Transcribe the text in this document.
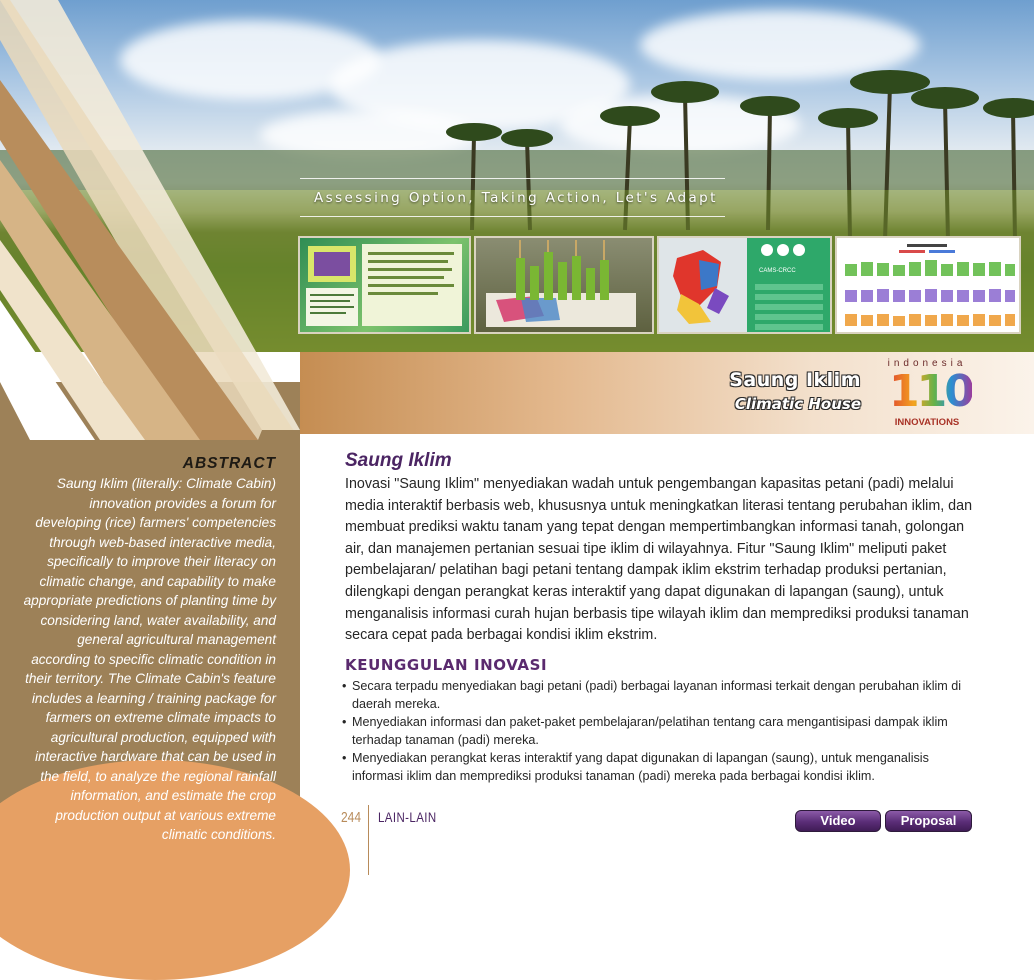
Assessing Option, Taking Action, Let's Adapt
CAMS-CRCC
Saung Iklim
Climatic House
indonesia
110
INNOVATIONS
ABSTRACT

Saung Iklim (literally: Climate Cabin) innovation provides a forum for developing (rice) farmers' competencies through web-based interactive media, specifically to improve their literacy on climatic change, and capability to make appropriate predictions of planting time by considering land, water availability, and general agricultural management according to specific climatic condition in their territory. The Climate Cabin's feature includes a learning / training package for farmers on extreme climate impacts to agricultural production, equipped with interactive hardware that can be used in the field, to analyze the regional rainfall information, and estimate the crop production output at various extreme climatic conditions.

Saung Iklim

Inovasi "Saung Iklim" menyediakan wadah untuk pengembangan kapasitas petani (padi) melalui media interaktif berbasis web, khususnya untuk meningkatkan literasi tentang perubahan iklim, dan membuat prediksi waktu tanam yang tepat dengan mempertimbangkan informasi tanah, golongan air, dan manajemen pertanian sesuai tipe iklim di wilayahnya. Fitur "Saung Iklim" meliputi paket pembelajaran/ pelatihan bagi petani tentang dampak iklim ekstrim terhadap produksi pertanian, dilengkapi dengan perangkat keras interaktif yang dapat digunakan di lapangan (saung), untuk menganalisis informasi curah hujan berbasis tipe wilayah iklim dan memprediksi produksi tanaman secara cepat pada berbagai kondisi iklim ekstrim.

KEUNGGULAN INOVASI
• Secara terpadu menyediakan bagi petani (padi) berbagai layanan informasi terkait dengan perubahan iklim di daerah mereka.
• Menyediakan informasi dan paket-paket pembelajaran/pelatihan tentang cara mengantisipasi dampak iklim terhadap tanaman (padi) mereka.
• Menyediakan perangkat keras interaktif yang dapat digunakan di lapangan (saung), untuk menganalisis informasi iklim dan memprediksi produksi tanaman (padi) mereka pada berbagai kondisi iklim.
244 LAIN-LAIN	Video	Proposal
